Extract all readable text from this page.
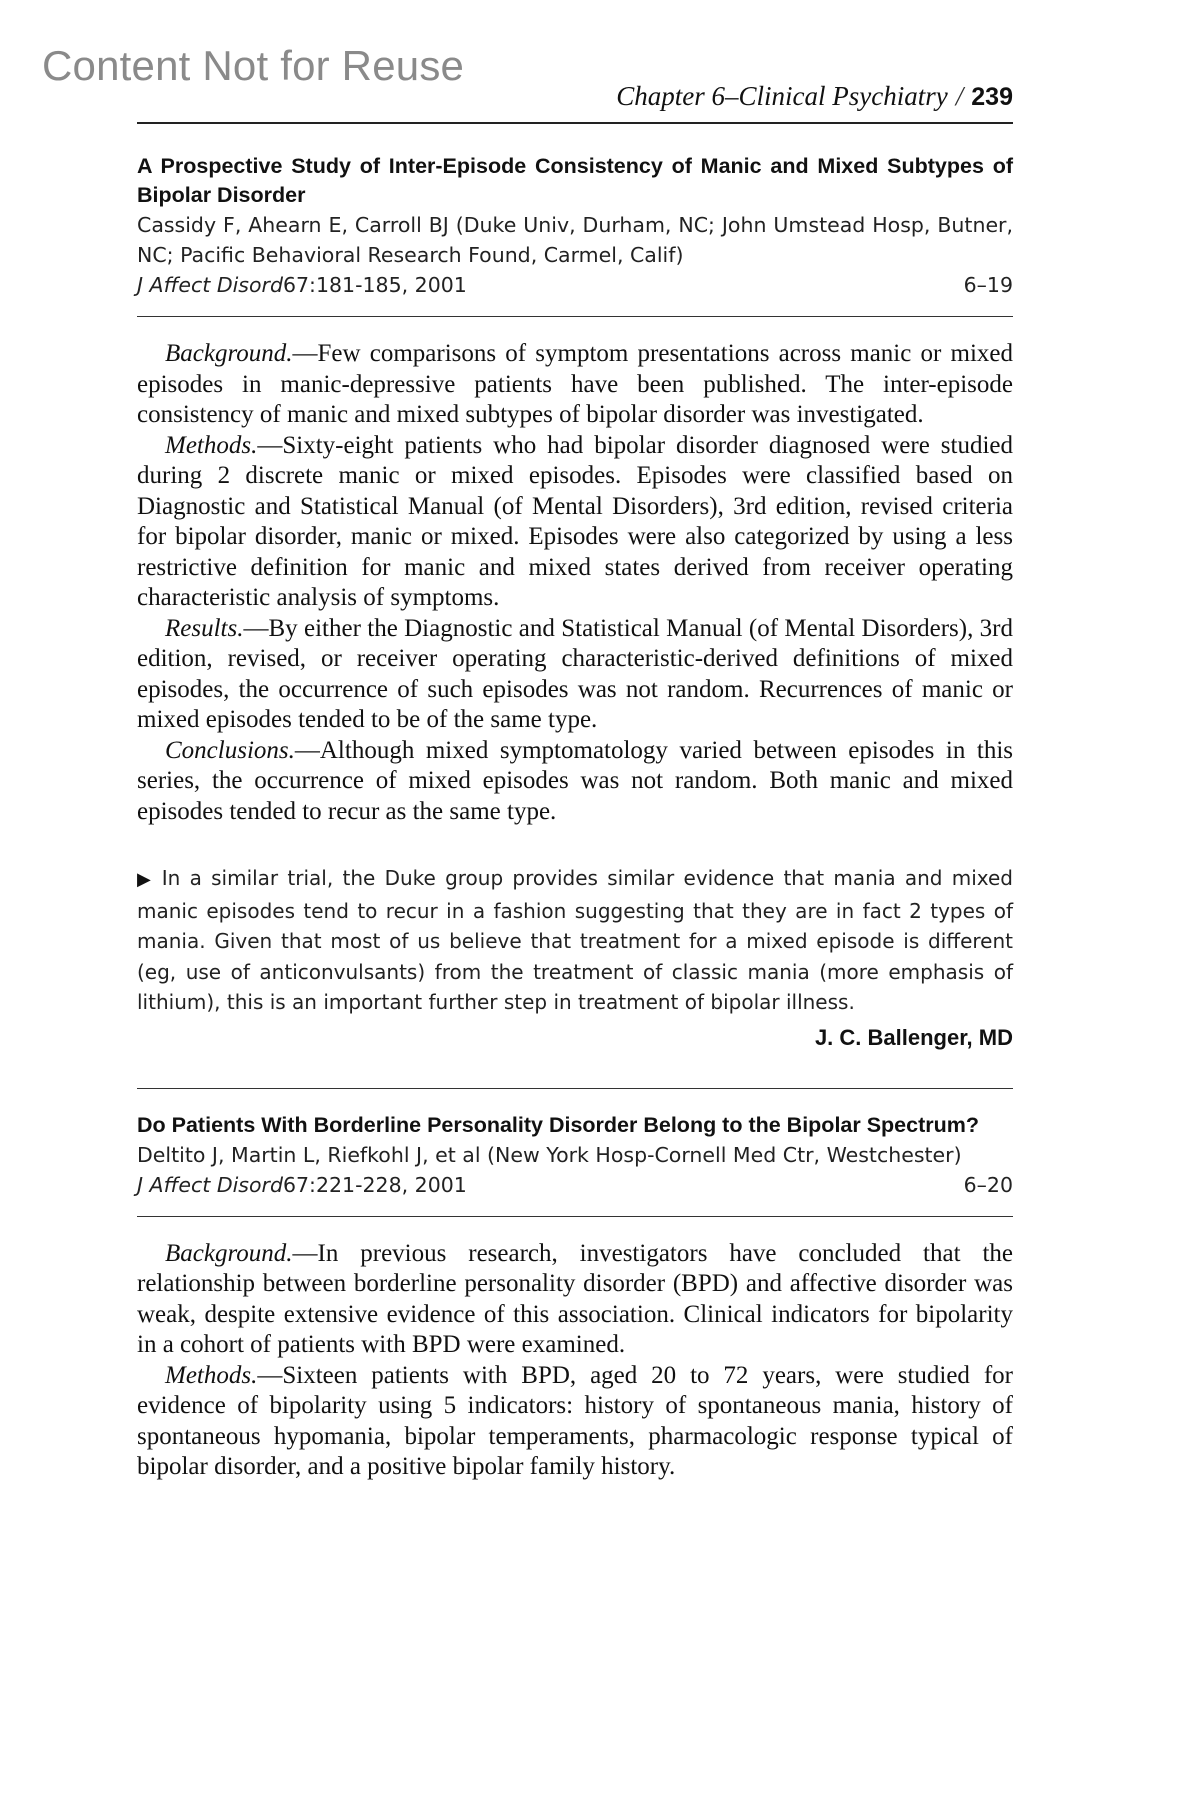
Content Not for Reuse
Chapter 6–Clinical Psychiatry / 239
A Prospective Study of Inter-Episode Consistency of Manic and Mixed Subtypes of Bipolar Disorder
Cassidy F, Ahearn E, Carroll BJ (Duke Univ, Durham, NC; John Umstead Hosp, Butner, NC; Pacific Behavioral Research Found, Carmel, Calif)
J Affect Disord67:181-185, 2001	6–19

Background.—Few comparisons of symptom presentations across manic or mixed episodes in manic-depressive patients have been published. The inter-episode consistency of manic and mixed subtypes of bipolar disorder was investigated.

Methods.—Sixty-eight patients who had bipolar disorder diagnosed were studied during 2 discrete manic or mixed episodes. Episodes were classified based on Diagnostic and Statistical Manual (of Mental Disorders), 3rd edition, revised criteria for bipolar disorder, manic or mixed. Episodes were also categorized by using a less restrictive definition for manic and mixed states derived from receiver operating characteristic analysis of symptoms.

Results.—By either the Diagnostic and Statistical Manual (of Mental Disorders), 3rd edition, revised, or receiver operating characteristic-derived definitions of mixed episodes, the occurrence of such episodes was not random. Recurrences of manic or mixed episodes tended to be of the same type.

Conclusions.—Although mixed symptomatology varied between episodes in this series, the occurrence of mixed episodes was not random. Both manic and mixed episodes tended to recur as the same type.

▶ In a similar trial, the Duke group provides similar evidence that mania and mixed manic episodes tend to recur in a fashion suggesting that they are in fact 2 types of mania. Given that most of us believe that treatment for a mixed episode is different (eg, use of anticonvulsants) from the treatment of classic mania (more emphasis of lithium), this is an important further step in treatment of bipolar illness.
J. C. Ballenger, MD
Do Patients With Borderline Personality Disorder Belong to the Bipolar Spectrum?
Deltito J, Martin L, Riefkohl J, et al (New York Hosp-Cornell Med Ctr, Westchester)
J Affect Disord67:221-228, 2001	6–20

Background.—In previous research, investigators have concluded that the relationship between borderline personality disorder (BPD) and affective disorder was weak, despite extensive evidence of this association. Clinical indicators for bipolarity in a cohort of patients with BPD were examined.

Methods.—Sixteen patients with BPD, aged 20 to 72 years, were studied for evidence of bipolarity using 5 indicators: history of spontaneous mania, history of spontaneous hypomania, bipolar temperaments, pharmacologic response typical of bipolar disorder, and a positive bipolar family history.
